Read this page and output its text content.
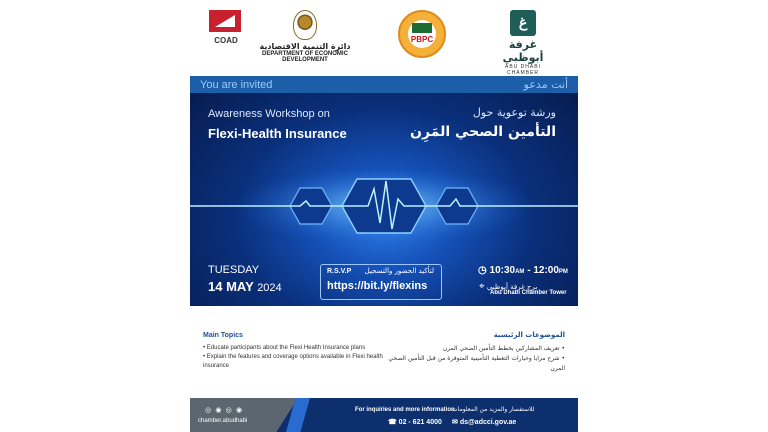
COAD
دائرة التنمية الاقتصادية
DEPARTMENT OF ECONOMIC DEVELOPMENT
PBPC
غ
غرفة أبوظبي
ABU DHABI CHAMBER
You are invited	أنت مدعو
Awareness Workshop on
Flexi-Health Insurance
ورشة توعوية حول
التأمين الصحي المَرِن
TUESDAY
14 MAY 2024
R.S.V.P لتأكيد الحضور والتسجيل
https://bit.ly/flexins
◷ 10:30AM - 12:00PM
⌖ برج غرفة أبوظبي
Abu Dhabi Chamber Tower
Main Topics
• Educate participants about the Flexi Health Insurance plans
• Explain the features and coverage options available in Flexi health insurance
الموضوعات الرئيسية
• تعريف المشاركين بخطط التأمين الصحي المرن
• شرح مزايا وخيارات التغطية التأمينية المتوفرة من قبل التأمين الصحي المرن
◎ ◉ ◎ ◉
chamber.abudhabi
For inquiries and more information
للاستفسار والمزيد من المعلومات
☎ 02 - 621 4000 ✉ ds@adcci.gov.ae
